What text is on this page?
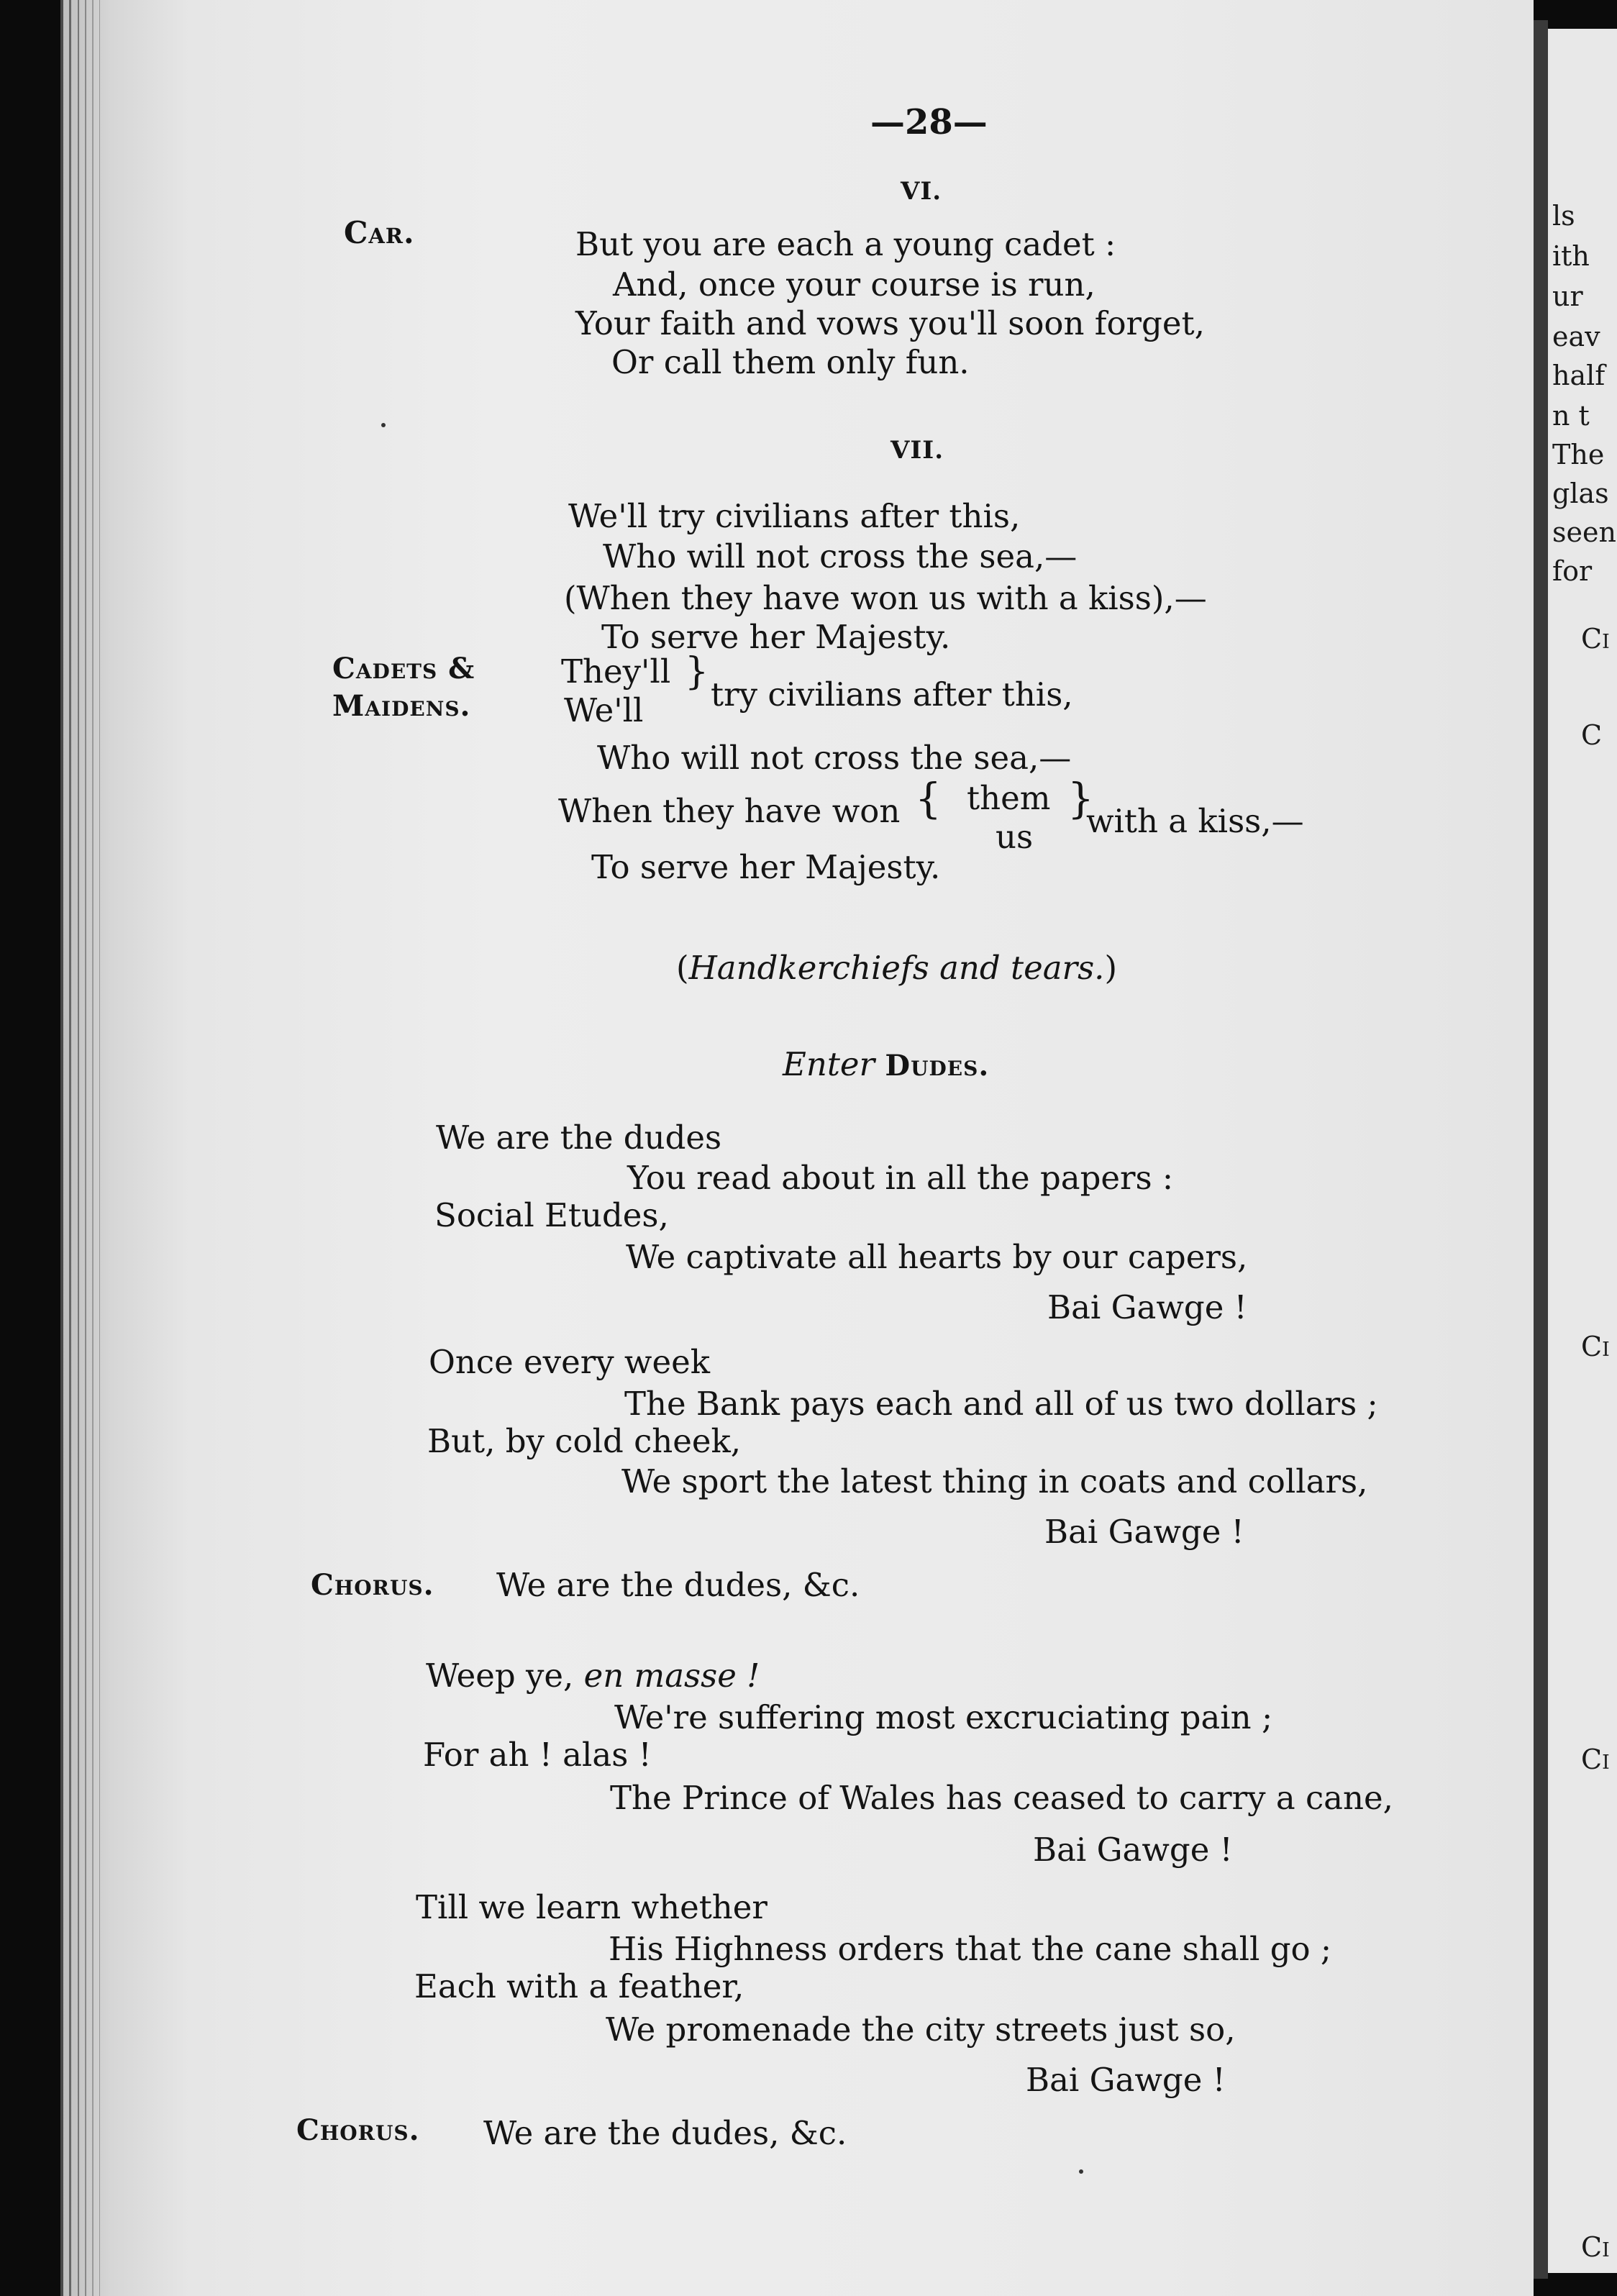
ls
ith
ur
eav
half
n t
The
glas
seen
for
Cı
C
Cı
Cı
Cı
—28—
VI.
Car.	But you are each a young cadet :
And, once your course is run,
Your faith and vows you'll soon forget,
Or call them only fun.
VII.
We'll try civilians after this,
Who will not cross the sea,—
(When they have won us with a kiss),—
To serve her Majesty.
Cadets &
Maidens.
They'll
We'll
}
try civilians after this,
Who will not cross the sea,—
When they have won { them
us
}
with a kiss,—
To serve her Majesty.
(Handkerchiefs and tears.)
Enter Dudes.
We are the dudes
You read about in all the papers :
Social Etudes,
We captivate all hearts by our capers,
Bai Gawge !
Once every week
The Bank pays each and all of us two dollars ;
But, by cold cheek,
We sport the latest thing in coats and collars,
Bai Gawge !
Chorus. We are the dudes, &c.
Weep ye, en masse !
We're suffering most excruciating pain ;
For ah ! alas !
The Prince of Wales has ceased to carry a cane,
Bai Gawge !
Till we learn whether
His Highness orders that the cane shall go ;
Each with a feather,
We promenade the city streets just so,
Bai Gawge !
Chorus. We are the dudes, &c.
